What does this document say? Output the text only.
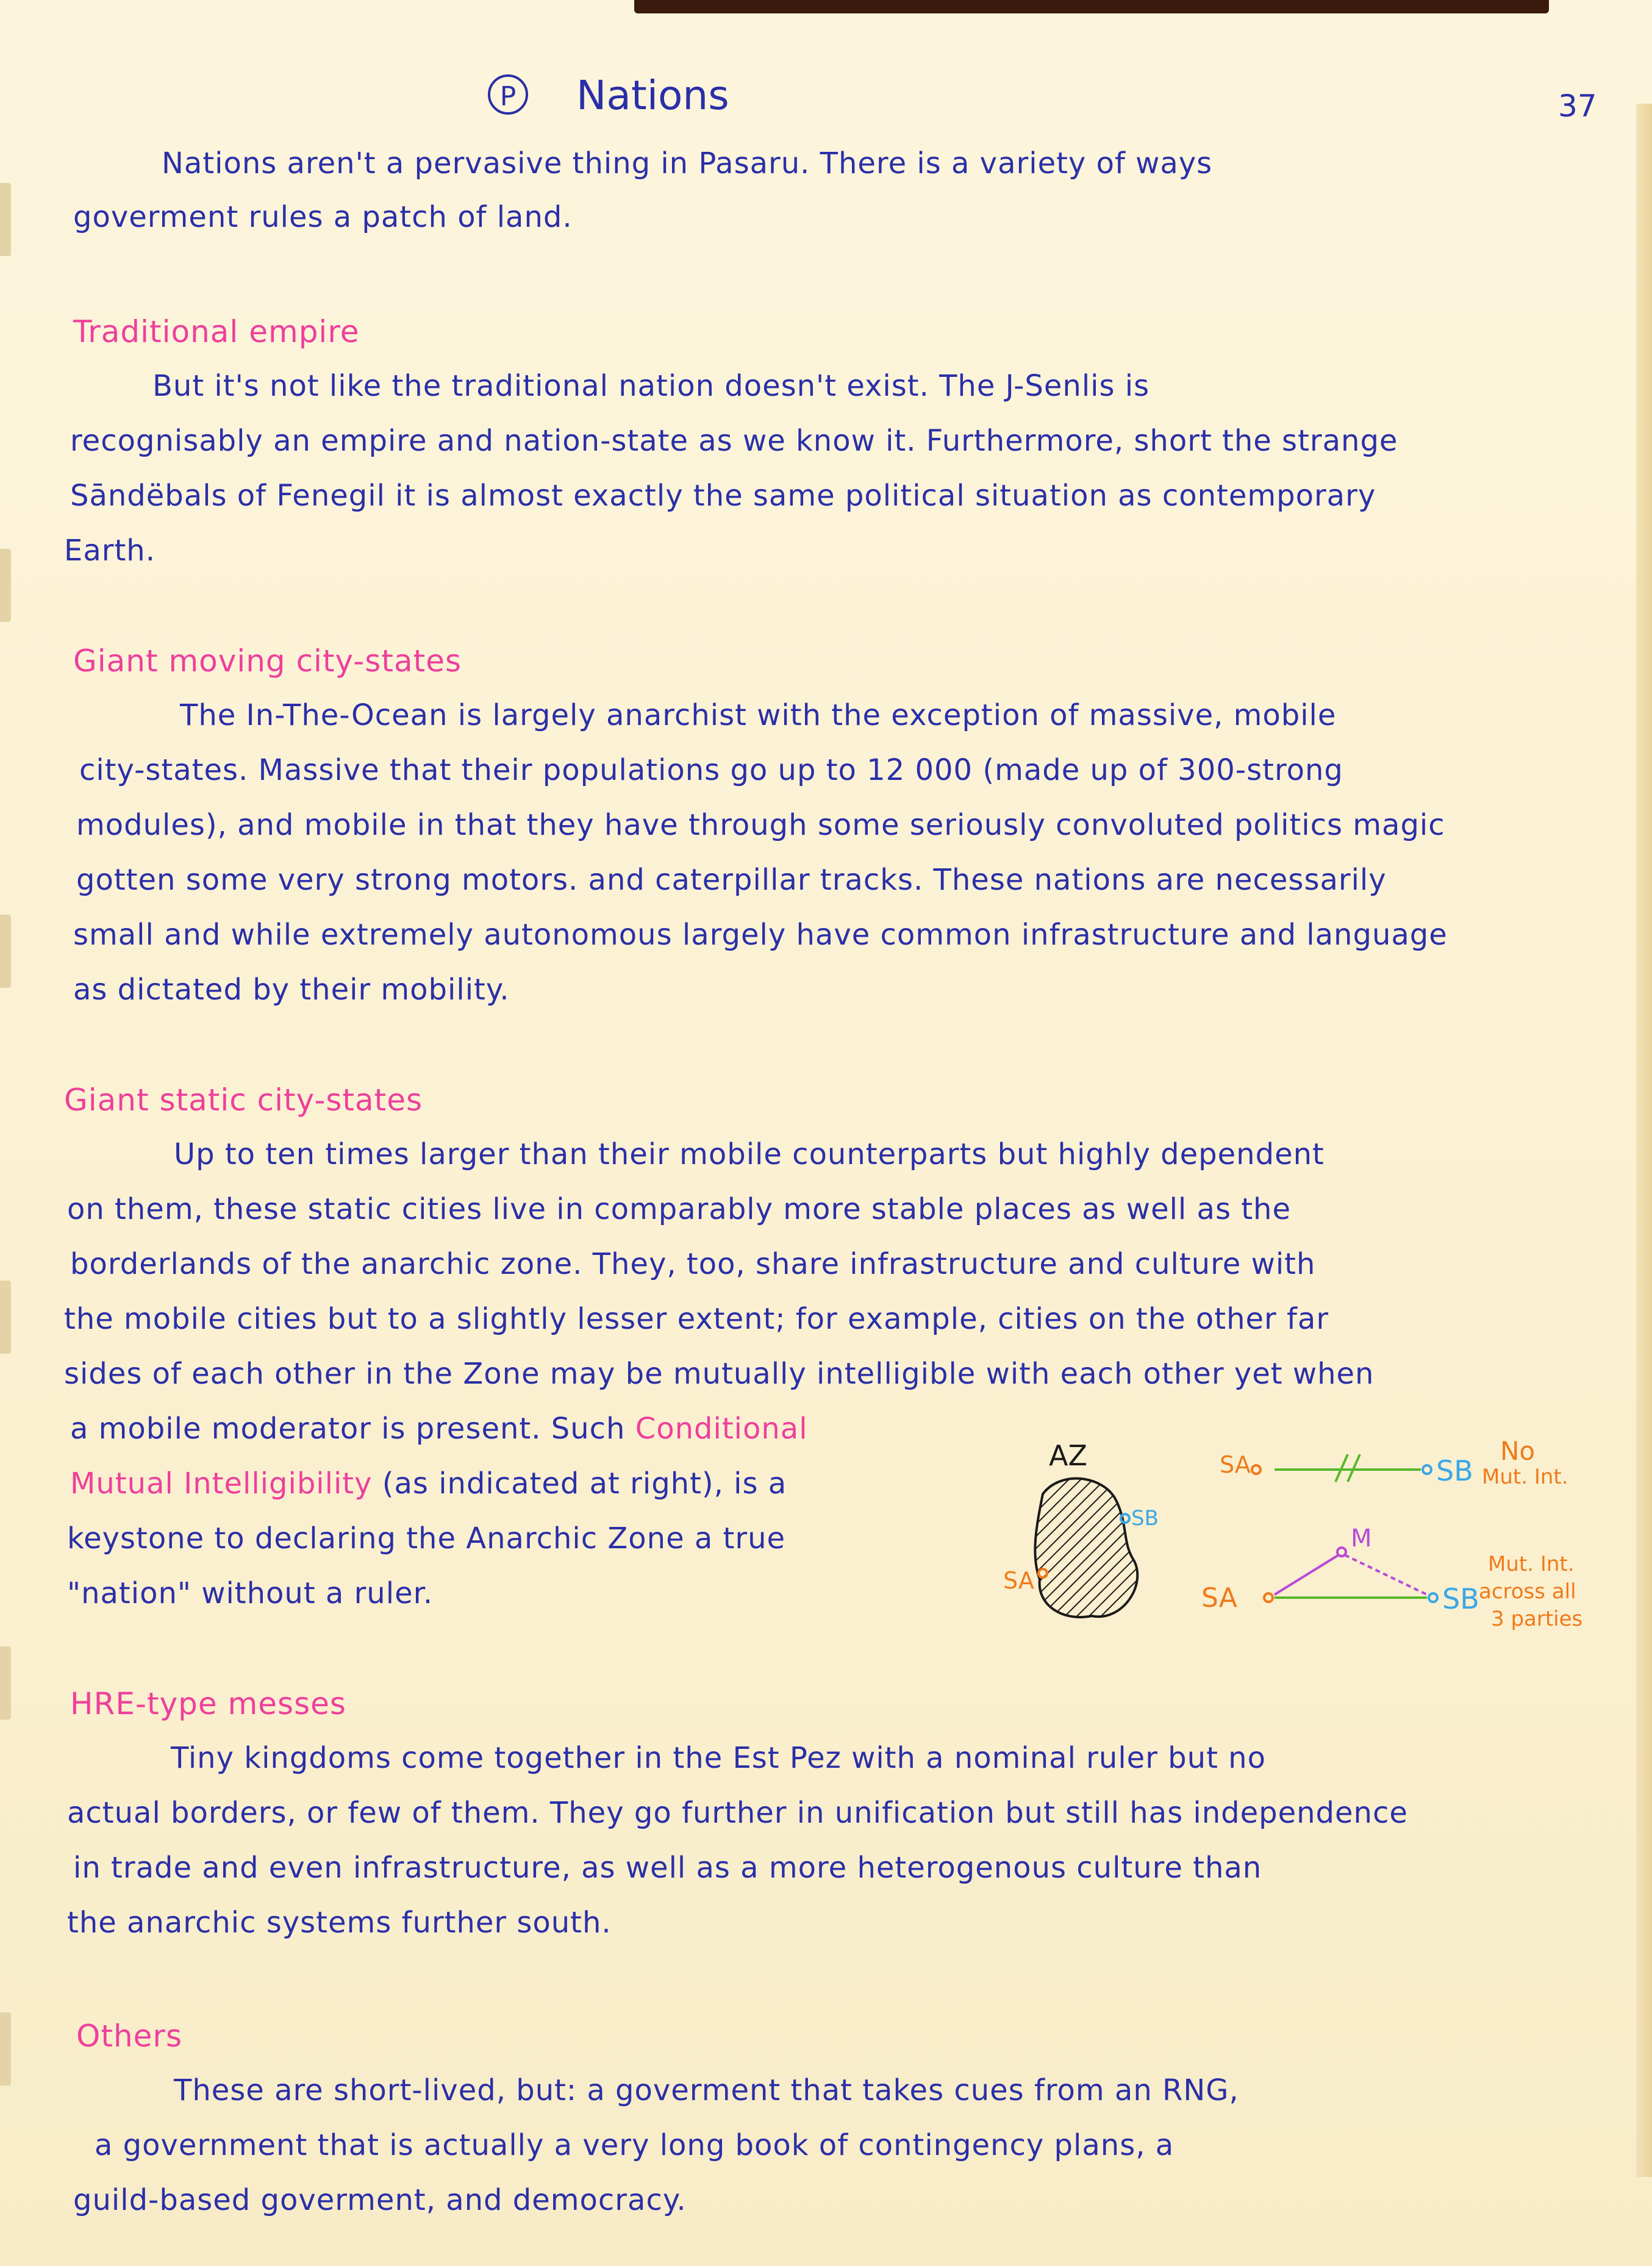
P Nations	37
Nations aren't a pervasive thing in Pasaru. There is a variety of ways
goverment rules a patch of land.
Traditional empire
But it's not like the traditional nation doesn't exist. The J-Senlis is
recognisably an empire and nation-state as we know it. Furthermore, short the strange
Sāndëbals of Fenegil it is almost exactly the same political situation as contemporary
Earth.
Giant moving city-states
The In-The-Ocean is largely anarchist with the exception of massive, mobile
city-states. Massive that their populations go up to 12 000 (made up of 300-strong
modules), and mobile in that they have through some seriously convoluted politics magic
gotten some very strong motors. and caterpillar tracks. These nations are necessarily
small and while extremely autonomous largely have common infrastructure and language
as dictated by their mobility.
Giant static city-states
Up to ten times larger than their mobile counterparts but highly dependent
on them, these static cities live in comparably more stable places as well as the
borderlands of the anarchic zone. They, too, share infrastructure and culture with
the mobile cities but to a slightly lesser extent; for example, cities on the other far
sides of each other in the Zone may be mutually intelligible with each other yet when
a mobile moderator is present. Such Conditional
Mutual Intelligibility (as indicated at right), is a
keystone to declaring the Anarchic Zone a true
"nation" without a ruler.
AZ
SA
SB
SA	SB
No
Mut. Int.
M
SA	SB
Mut. Int.
across all
3 parties
HRE-type messes
Tiny kingdoms come together in the Est Pez with a nominal ruler but no
actual borders, or few of them. They go further in unification but still has independence
in trade and even infrastructure, as well as a more heterogenous culture than
the anarchic systems further south.
Others
These are short-lived, but: a goverment that takes cues from an RNG,
a government that is actually a very long book of contingency plans, a
guild-based goverment, and democracy.
